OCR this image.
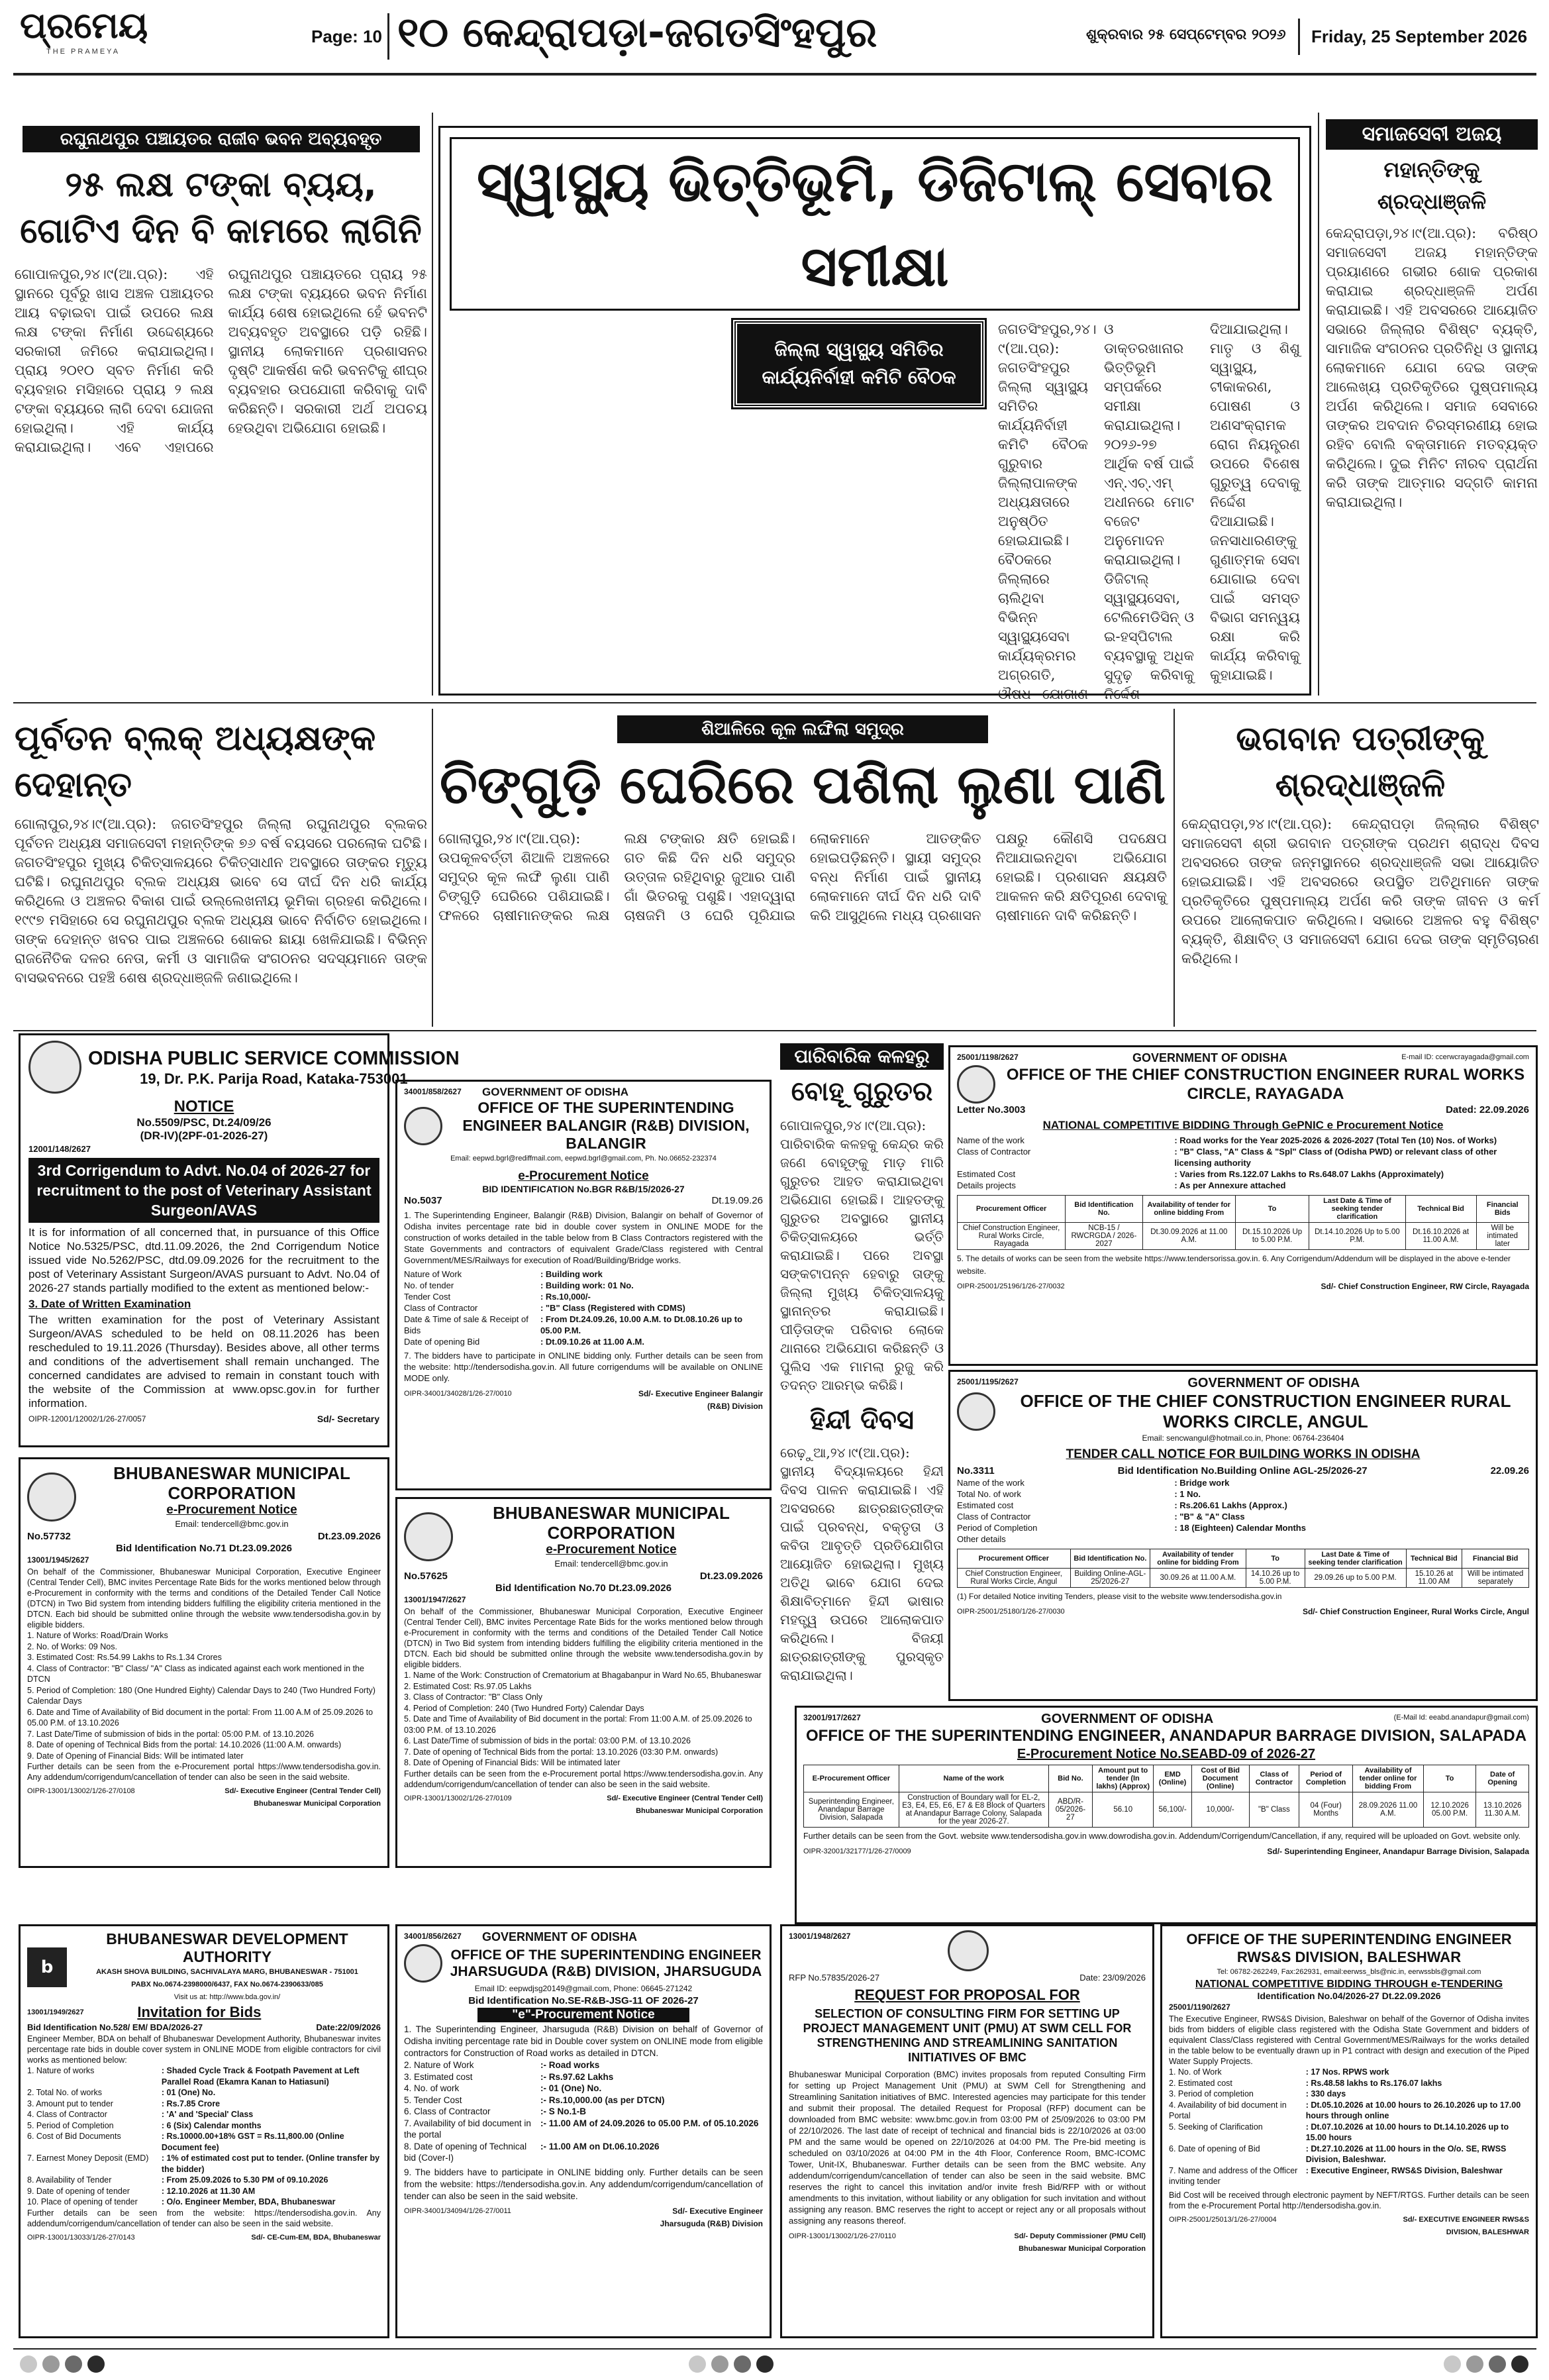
ପ୍ରମେୟ
THE PRAMEYA
Page: 10 ୧୦ କେନ୍ଦ୍ରାପଡ଼ା-ଜଗତସିଂହପୁର	ଶୁକ୍ରବାର ୨୫ ସେପ୍ଟେମ୍ବର ୨୦୨୬ Friday, 25 September 2026
ରଘୁନାଥପୁର ପଞ୍ଚାୟତର ରାଜୀବ ଭବନ ଅବ୍ୟବହୃତ
୨୫ ଲକ୍ଷ ଟଙ୍କା ବ୍ୟୟ, ଗୋଟିଏ ଦିନ ବି କାମରେ ଲାଗିନି
ଗୋପାଳପୁର,୨୪।୯(ଆ.ପ୍ର): ଏହି ସ୍ଥାନରେ ପୂର୍ବରୁ ଖାସ ଅଞ୍ଚଳ ପଞ୍ଚାୟତର ଆୟ ବଢ଼ାଇବା ପାଇଁ ଉପରେ ଲକ୍ଷ ଲକ୍ଷ ଟଙ୍କା ନିର୍ମାଣ ଉଦ୍ଦେଶ୍ୟରେ ସରକାରୀ ଜମିରେ କରାଯାଇଥିଲା। ପ୍ରାୟ ୨୦୧୦ ସ୍ବତ ନିର୍ମାଣ କରି ବ୍ୟବହାର ମସିହାରେ ପ୍ରାୟ ୨ ଲକ୍ଷ ଟଙ୍କା ବ୍ୟୟରେ ଲାଗି ଦେବା ଯୋଜନା ହୋଇଥିଲା। ଏହି କାର୍ଯ୍ୟ କରାଯାଇଥିଲା। ଏବେ ଏହାପରେ ରଘୁନାଥପୁର ପଞ୍ଚାୟତରେ ପ୍ରାୟ ୨୫ ଲକ୍ଷ ଟଙ୍କା ବ୍ୟୟରେ ଭବନ ନିର୍ମାଣ କାର୍ଯ୍ୟ ଶେଷ ହୋଇଥିଲେ ହେଁ ଭବନଟି ଅବ୍ୟବହୃତ ଅବସ୍ଥାରେ ପଡ଼ି ରହିଛି। ସ୍ଥାନୀୟ ଲୋକମାନେ ପ୍ରଶାସନର ଦୃଷ୍ଟି ଆକର୍ଷଣ କରି ଭବନଟିକୁ ଶୀଘ୍ର ବ୍ୟବହାର ଉପଯୋଗୀ କରିବାକୁ ଦାବି କରିଛନ୍ତି। ସରକାରୀ ଅର୍ଥ ଅପଚୟ ହେଉଥିବା ଅଭିଯୋଗ ହୋଇଛି।
ସ୍ୱାସ୍ଥ୍ୟ ଭିତ୍ତିଭୂମି, ଡିଜିଟାଲ୍ ସେବାର ସମୀକ୍ଷା
ଜିଲ୍ଲା ସ୍ୱାସ୍ଥ୍ୟ ସମିତିର କାର୍ଯ୍ୟନିର୍ବାହୀ କମିଟି ବୈଠକ
ଜଗତସିଂହପୁର,୨୪।୯(ଆ.ପ୍ର): ଜଗତସିଂହପୁର ଜିଲ୍ଲା ସ୍ୱାସ୍ଥ୍ୟ ସମିତିର କାର୍ଯ୍ୟନିର୍ବାହୀ କମିଟି ବୈଠକ ଗୁରୁବାର ଜିଲ୍ଲାପାଳଙ୍କ ଅଧ୍ୟକ୍ଷତାରେ ଅନୁଷ୍ଠିତ ହୋଇଯାଇଛି। ବୈଠକରେ ଜିଲ୍ଲାରେ ଚାଲିଥିବା ବିଭିନ୍ନ ସ୍ୱାସ୍ଥ୍ୟସେବା କାର୍ଯ୍ୟକ୍ରମର ଅଗ୍ରଗତି, ଔଷଧ ଯୋଗାଣ ଓ ଡାକ୍ତରଖାନାର ଭିତ୍ତିଭୂମି ସମ୍ପର୍କରେ ସମୀକ୍ଷା କରାଯାଇଥିଲା। ୨୦୨୬-୨୭ ଆର୍ଥିକ ବର୍ଷ ପାଇଁ ଏନ୍.ଏଚ୍.ଏମ୍ ଅଧୀନରେ ମୋଟ ବଜେଟ ଅନୁମୋଦନ କରାଯାଇଥିଲା। ଡିଜିଟାଲ୍ ସ୍ୱାସ୍ଥ୍ୟସେବା, ଟେଲିମେଡିସିନ୍ ଓ ଇ-ହସ୍ପିଟାଲ ବ୍ୟବସ୍ଥାକୁ ଅଧିକ ସୁଦୃଢ଼ କରିବାକୁ ନିର୍ଦ୍ଦେଶ ଦିଆଯାଇଥିଲା। ମାତୃ ଓ ଶିଶୁ ସ୍ୱାସ୍ଥ୍ୟ, ଟୀକାକରଣ, ପୋଷଣ ଓ ଅଣସଂକ୍ରାମକ ରୋଗ ନିୟନ୍ତ୍ରଣ ଉପରେ ବିଶେଷ ଗୁରୁତ୍ୱ ଦେବାକୁ ନିର୍ଦ୍ଦେଶ ଦିଆଯାଇଛି। ଜନସାଧାରଣଙ୍କୁ ଗୁଣାତ୍ମକ ସେବା ଯୋଗାଇ ଦେବା ପାଇଁ ସମସ୍ତ ବିଭାଗ ସମନ୍ୱୟ ରକ୍ଷା କରି କାର୍ଯ୍ୟ କରିବାକୁ କୁହାଯାଇଛି।
ସମାଜସେବୀ ଅଜୟ
ମହାନ୍ତିଙ୍କୁ ଶ୍ରଦ୍ଧାଞ୍ଜଳି
କେନ୍ଦ୍ରାପଡ଼ା,୨୪।୯(ଆ.ପ୍ର): ବରିଷ୍ଠ ସମାଜସେବୀ ଅଜୟ ମହାନ୍ତିଙ୍କ ପ୍ରୟାଣରେ ଗଭୀର ଶୋକ ପ୍ରକାଶ କରାଯାଇ ଶ୍ରଦ୍ଧାଞ୍ଜଳି ଅର୍ପଣ କରାଯାଇଛି। ଏହି ଅବସରରେ ଆୟୋଜିତ ସଭାରେ ଜିଲ୍ଲାର ବିଶିଷ୍ଟ ବ୍ୟକ୍ତି, ସାମାଜିକ ସଂଗଠନର ପ୍ରତିନିଧି ଓ ସ୍ଥାନୀୟ ଲୋକମାନେ ଯୋଗ ଦେଇ ତାଙ୍କ ଆଲେଖ୍ୟ ପ୍ରତିକୃତିରେ ପୁଷ୍ପମାଲ୍ୟ ଅର୍ପଣ କରିଥିଲେ। ସମାଜ ସେବାରେ ତାଙ୍କର ଅବଦାନ ଚିରସ୍ମରଣୀୟ ହୋଇ ରହିବ ବୋଲି ବକ୍ତାମାନେ ମତବ୍ୟକ୍ତ କରିଥିଲେ। ଦୁଇ ମିନିଟ ନୀରବ ପ୍ରାର୍ଥନା କରି ତାଙ୍କ ଆତ୍ମାର ସଦ୍ଗତି କାମନା କରାଯାଇଥିଲା।
ପୂର୍ବତନ ବ୍ଲକ୍ ଅଧ୍ୟକ୍ଷଙ୍କ ଦେହାନ୍ତ
ଗୋଲାପୁର,୨୪।୯(ଆ.ପ୍ର): ଜଗତସିଂହପୁର ଜିଲ୍ଲା ରଘୁନାଥପୁର ବ୍ଲକର ପୂର୍ବତନ ଅଧ୍ୟକ୍ଷ ସମାଜସେବୀ ମହାନ୍ତିଙ୍କ ୭୬ ବର୍ଷ ବୟସରେ ପରଲୋକ ଘଟିଛି। ଜଗତସିଂହପୁର ମୁଖ୍ୟ ଚିକିତ୍ସାଳୟରେ ଚିକିତ୍ସାଧୀନ ଅବସ୍ଥାରେ ତାଙ୍କର ମୃତ୍ୟୁ ଘଟିଛି। ରଘୁନାଥପୁର ବ୍ଲକ ଅଧ୍ୟକ୍ଷ ଭାବେ ସେ ଦୀର୍ଘ ଦିନ ଧରି କାର୍ଯ୍ୟ କରିଥିଲେ ଓ ଅଞ୍ଚଳର ବିକାଶ ପାଇଁ ଉଲ୍ଲେଖନୀୟ ଭୂମିକା ଗ୍ରହଣ କରିଥିଲେ। ୧୯୯୭ ମସିହାରେ ସେ ରଘୁନାଥପୁର ବ୍ଲକ ଅଧ୍ୟକ୍ଷ ଭାବେ ନିର୍ବାଚିତ ହୋଇଥିଲେ। ତାଙ୍କ ଦେହାନ୍ତ ଖବର ପାଇ ଅଞ୍ଚଳରେ ଶୋକର ଛାୟା ଖେଳିଯାଇଛି। ବିଭିନ୍ନ ରାଜନୈତିକ ଦଳର ନେତା, କର୍ମୀ ଓ ସାମାଜିକ ସଂଗଠନର ସଦସ୍ୟମାନେ ତାଙ୍କ ବାସଭବନରେ ପହଞ୍ଚି ଶେଷ ଶ୍ରଦ୍ଧାଞ୍ଜଳି ଜଣାଇଥିଲେ।
ଶିଆଳିରେ କୂଳ ଲଙ୍ଘିଲା ସମୁଦ୍ର
ଚିଙ୍ଗୁଡ଼ି ଘେରିରେ ପଶିଲା ଲୁଣା ପାଣି
ଗୋଲାପୁର,୨୪।୯(ଆ.ପ୍ର): ଉପକୂଳବର୍ତ୍ତୀ ଶିଆଳି ଅଞ୍ଚଳରେ ସମୁଦ୍ର କୂଳ ଲଙ୍ଘି ଲୁଣା ପାଣି ଚିଙ୍ଗୁଡ଼ି ଘେରିରେ ପଶିଯାଇଛି। ଫଳରେ ଚାଷୀମାନଙ୍କର ଲକ୍ଷ ଲକ୍ଷ ଟଙ୍କାର କ୍ଷତି ହୋଇଛି। ଗତ କିଛି ଦିନ ଧରି ସମୁଦ୍ର ଉତ୍ତାଳ ରହିଥିବାରୁ ଜୁଆର ପାଣି ଗାଁ ଭିତରକୁ ପଶୁଛି। ଏହାଦ୍ୱାରା ଚାଷଜମି ଓ ଘେରି ପୂରିଯାଇ ଲୋକମାନେ ଆତଙ୍କିତ ହୋଇପଡ଼ିଛନ୍ତି। ସ୍ଥାୟୀ ସମୁଦ୍ର ବନ୍ଧ ନିର୍ମାଣ ପାଇଁ ସ୍ଥାନୀୟ ଲୋକମାନେ ଦୀର୍ଘ ଦିନ ଧରି ଦାବି କରି ଆସୁଥିଲେ ମଧ୍ୟ ପ୍ରଶାସନ ପକ୍ଷରୁ କୌଣସି ପଦକ୍ଷେପ ନିଆଯାଇନଥିବା ଅଭିଯୋଗ ହୋଇଛି। ପ୍ରଶାସନ କ୍ଷୟକ୍ଷତି ଆକଳନ କରି କ୍ଷତିପୂରଣ ଦେବାକୁ ଚାଷୀମାନେ ଦାବି କରିଛନ୍ତି।
ଭଗବାନ ପତ୍ରୀଙ୍କୁ ଶ୍ରଦ୍ଧାଞ୍ଜଳି
କେନ୍ଦ୍ରାପଡ଼ା,୨୪।୯(ଆ.ପ୍ର): କେନ୍ଦ୍ରାପଡ଼ା ଜିଲ୍ଲାର ବିଶିଷ୍ଟ ସମାଜସେବୀ ଶ୍ରୀ ଭଗବାନ ପତ୍ରୀଙ୍କ ପ୍ରଥମ ଶ୍ରାଦ୍ଧ ଦିବସ ଅବସରରେ ତାଙ୍କ ଜନ୍ମସ୍ଥାନରେ ଶ୍ରଦ୍ଧାଞ୍ଜଳି ସଭା ଆୟୋଜିତ ହୋଇଯାଇଛି। ଏହି ଅବସରରେ ଉପସ୍ଥିତ ଅତିଥିମାନେ ତାଙ୍କ ପ୍ରତିକୃତିରେ ପୁଷ୍ପମାଲ୍ୟ ଅର୍ପଣ କରି ତାଙ୍କ ଜୀବନ ଓ କର୍ମ ଉପରେ ଆଲୋକପାତ କରିଥିଲେ। ସଭାରେ ଅଞ୍ଚଳର ବହୁ ବିଶିଷ୍ଟ ବ୍ୟକ୍ତି, ଶିକ୍ଷାବିତ୍ ଓ ସମାଜସେବୀ ଯୋଗ ଦେଇ ତାଙ୍କ ସ୍ମୃତିଚାରଣ କରିଥିଲେ।
ପାରିବାରିକ କଳହରୁ
ବୋହୂ ଗୁରୁତର
ଗୋପାଳପୁର,୨୪।୯(ଆ.ପ୍ର): ପାରିବାରିକ କଳହକୁ କେନ୍ଦ୍ର କରି ଜଣେ ବୋହୂଙ୍କୁ ମାଡ଼ ମାରି ଗୁରୁତର ଆହତ କରାଯାଇଥିବା ଅଭିଯୋଗ ହୋଇଛି। ଆହତଙ୍କୁ ଗୁରୁତର ଅବସ୍ଥାରେ ସ୍ଥାନୀୟ ଚିକିତ୍ସାଳୟରେ ଭର୍ତ୍ତି କରାଯାଇଛି। ପରେ ଅବସ୍ଥା ସଙ୍କଟାପନ୍ନ ହେବାରୁ ତାଙ୍କୁ ଜିଲ୍ଲା ମୁଖ୍ୟ ଚିକିତ୍ସାଳୟକୁ ସ୍ଥାନାନ୍ତର କରାଯାଇଛି। ପୀଡ଼ିତାଙ୍କ ପରିବାର ଲୋକେ ଥାନାରେ ଅଭିଯୋଗ କରିଛନ୍ତି ଓ ପୁଲିସ ଏକ ମାମଲା ରୁଜୁ କରି ତଦନ୍ତ ଆରମ୍ଭ କରିଛି।
ହିନ୍ଦୀ ଦିବସ
ରେଢ଼ୁଆ,୨୪।୯(ଆ.ପ୍ର): ସ୍ଥାନୀୟ ବିଦ୍ୟାଳୟରେ ହିନ୍ଦୀ ଦିବସ ପାଳନ କରାଯାଇଛି। ଏହି ଅବସରରେ ଛାତ୍ରଛାତ୍ରୀଙ୍କ ପାଇଁ ପ୍ରବନ୍ଧ, ବକ୍ତୃତା ଓ କବିତା ଆବୃତ୍ତି ପ୍ରତିଯୋଗିତା ଆୟୋଜିତ ହୋଇଥିଲା। ମୁଖ୍ୟ ଅତିଥି ଭାବେ ଯୋଗ ଦେଇ ଶିକ୍ଷାବିତ୍ମାନେ ହିନ୍ଦୀ ଭାଷାର ମହତ୍ତ୍ୱ ଉପରେ ଆଲୋକପାତ କରିଥିଲେ। ବିଜୟୀ ଛାତ୍ରଛାତ୍ରୀଙ୍କୁ ପୁରସ୍କୃତ କରାଯାଇଥିଲା।
ODISHA PUBLIC SERVICE COMMISSION
19, Dr. P.K. Parija Road, Kataka-753001
NOTICE
No.5509/PSC, Dt.24/09/26
(DR-IV)(2PF-01-2026-27)
12001/148/2627
3rd Corrigendum to Advt. No.04 of 2026-27 for recruitment to the post of Veterinary Assistant Surgeon/AVAS
It is for information of all concerned that, in pursuance of this Office Notice No.5325/PSC, dtd.11.09.2026, the 2nd Corrigendum Notice issued vide No.5262/PSC, dtd.09.09.2026 for the recruitment to the post of Veterinary Assistant Surgeon/AVAS pursuant to Advt. No.04 of 2026-27 stands partially modified to the extent as mentioned below:-
3. Date of Written Examination
The written examination for the post of Veterinary Assistant Surgeon/AVAS scheduled to be held on 08.11.2026 has been rescheduled to 19.11.2026 (Thursday). Besides above, all other terms and conditions of the advertisement shall remain unchanged. The concerned candidates are advised to remain in constant touch with the website of the Commission at www.opsc.gov.in for further information.
OIPR-12001/12002/1/26-27/0057	Sd/- Secretary
34001/858/2627	GOVERNMENT OF ODISHA
OFFICE OF THE SUPERINTENDING ENGINEER BALANGIR (R&B) DIVISION, BALANGIR
Email: eepwd.bgrl@rediffmail.com, eepwd.bgrl@gmail.com, Ph. No.06652-232374
e-Procurement Notice
BID IDENTIFICATION No.BGR R&B/15/2026-27
No.5037	Dt.19.09.26
1. The Superintending Engineer, Balangir (R&B) Division, Balangir on behalf of Governor of Odisha invites percentage rate bid in double cover system in ONLINE MODE for the construction of works detailed in the table below from B Class Contractors registered with the State Governments and contractors of equivalent Grade/Class registered with Central Government/MES/Railways for execution of Road/Building/Bridge works.
Nature of Work	: Building work
No. of tender	: Building work: 01 No.
Tender Cost	: Rs.10,000/-
Class of Contractor	: "B" Class (Registered with CDMS)
Date & Time of sale & Receipt of Bids
: From Dt.24.09.26, 10.00 A.M. to Dt.08.10.26 up to 05.00 P.M.
Date of opening Bid	: Dt.09.10.26 at 11.00 A.M.
7. The bidders have to participate in ONLINE bidding only. Further details can be seen from the website: http://tendersodisha.gov.in. All future corrigendums will be available on ONLINE MODE only.
OIPR-34001/34028/1/26-27/0010	Sd/- Executive Engineer Balangir (R&B) Division
25001/1198/2627	GOVERNMENT OF ODISHA	E-mail ID: ccerwcrayagada@gmail.com
OFFICE OF THE CHIEF CONSTRUCTION ENGINEER RURAL WORKS CIRCLE, RAYAGADA
Letter No.3003	Dated: 22.09.2026
NATIONAL COMPETITIVE BIDDING Through GePNIC e Procurement Notice
Name of the work	: Road works for the Year 2025-2026 & 2026-2027 (Total Ten (10) Nos. of Works)
Class of Contractor	: "B" Class, "A" Class & "Spl" Class of (Odisha PWD) or relevant class of other licensing authority
Estimated Cost	: Varies from Rs.122.07 Lakhs to Rs.648.07 Lakhs (Approximately)
Details projects	: As per Annexure attached
Procurement Officer	Bid Identification No.	Availability of tender for online bidding From	To	Last Date & Time of seeking tender clarification	Technical Bid	Financial Bids
Chief Construction Engineer, Rural Works Circle, Rayagada	NCB-15 / RWCRGDA / 2026-2027	Dt.30.09.2026 at 11.00 A.M.	Dt.15.10.2026 Up to 5.00 P.M.	Dt.14.10.2026 Up to 5.00 P.M.	Dt.16.10.2026 at 11.00 A.M.	Will be intimated later
5. The details of works can be seen from the website https://www.tendersorissa.gov.in. 6. Any Corrigendum/Addendum will be displayed in the above e-tender website.
OIPR-25001/25196/1/26-27/0032	Sd/- Chief Construction Engineer, RW Circle, Rayagada
25001/1195/2627	GOVERNMENT OF ODISHA
OFFICE OF THE CHIEF CONSTRUCTION ENGINEER RURAL WORKS CIRCLE, ANGUL
Email: sencwangul@hotmail.co.in, Phone: 06764-236404
TENDER CALL NOTICE FOR BUILDING WORKS IN ODISHA
No.3311	Bid Identification No.Building Online AGL-25/2026-27	22.09.26
Name of the work	: Bridge work
Total No. of work	: 1 No.
Estimated cost	: Rs.206.61 Lakhs (Approx.)
Class of Contractor	: "B" & "A" Class
Period of Completion	: 18 (Eighteen) Calendar Months
Other details
Procurement Officer	Bid Identification No.	Availability of tender online for bidding From	To	Last Date & Time of seeking tender clarification	Technical Bid	Financial Bid
Chief Construction Engineer, Rural Works Circle, Angul	Building Online-AGL-25/2026-27	30.09.26 at 11.00 A.M.	14.10.26 up to 5.00 P.M.	29.09.26 up to 5.00 P.M.	15.10.26 at 11.00 AM	Will be intimated separately
(1) For detailed Notice inviting Tenders, please visit to the website www.tendersodisha.gov.in
OIPR-25001/25180/1/26-27/0030	Sd/- Chief Construction Engineer, Rural Works Circle, Angul
BHUBANESWAR MUNICIPAL CORPORATION
e-Procurement Notice
Email: tendercell@bmc.gov.in
No.57732	Dt.23.09.2026
Bid Identification No.71 Dt.23.09.2026
13001/1945/2627
On behalf of the Commissioner, Bhubaneswar Municipal Corporation, Executive Engineer (Central Tender Cell), BMC invites Percentage Rate Bids for the works mentioned below through e-Procurement in conformity with the terms and conditions of the Detailed Tender Call Notice (DTCN) in Two Bid system from intending bidders fulfilling the eligibility criteria mentioned in the DTCN. Each bid should be submitted online through the website www.tendersodisha.gov.in by eligible bidders.
1. Nature of Works: Road/Drain Works
2. No. of Works: 09 Nos.
3. Estimated Cost: Rs.54.99 Lakhs to Rs.1.34 Crores
4. Class of Contractor: "B" Class/ "A" Class as indicated against each work mentioned in the DTCN
5. Period of Completion: 180 (One Hundred Eighty) Calendar Days to 240 (Two Hundred Forty) Calendar Days
6. Date and Time of Availability of Bid document in the portal: From 11.00 A.M of 25.09.2026 to 05.00 P.M. of 13.10.2026
7. Last Date/Time of submission of bids in the portal: 05:00 P.M. of 13.10.2026
8. Date of opening of Technical Bids from the portal: 14.10.2026 (11:00 A.M. onwards)
9. Date of Opening of Financial Bids: Will be intimated later
Further details can be seen from the e-Procurement portal https://www.tendersodisha.gov.in. Any addendum/corrigendum/cancellation of tender can also be seen in the said website.
OIPR-13001/13002/1/26-27/0108	Sd/- Executive Engineer (Central Tender Cell) Bhubaneswar Municipal Corporation
BHUBANESWAR MUNICIPAL CORPORATION
e-Procurement Notice
Email: tendercell@bmc.gov.in
No.57625	Dt.23.09.2026
Bid Identification No.70 Dt.23.09.2026
13001/1947/2627
On behalf of the Commissioner, Bhubaneswar Municipal Corporation, Executive Engineer (Central Tender Cell), BMC invites Percentage Rate Bids for the works mentioned below through e-Procurement in conformity with the terms and conditions of the Detailed Tender Call Notice (DTCN) in Two Bid system from intending bidders fulfilling the eligibility criteria mentioned in the DTCN. Each bid should be submitted online through the website www.tendersodisha.gov.in by eligible bidders.
1. Name of the Work: Construction of Crematorium at Bhagabanpur in Ward No.65, Bhubaneswar
2. Estimated Cost: Rs.97.05 Lakhs
3. Class of Contractor: "B" Class Only
4. Period of Completion: 240 (Two Hundred Forty) Calendar Days
5. Date and Time of Availability of Bid document in the portal: From 11:00 A.M. of 25.09.2026 to 03:00 P.M. of 13.10.2026
6. Last Date/Time of submission of bids in the portal: 03:00 P.M. of 13.10.2026
7. Date of opening of Technical Bids from the portal: 13.10.2026 (03:30 P.M. onwards)
8. Date of Opening of Financial Bids: Will be intimated later
Further details can be seen from the e-Procurement portal https://www.tendersodisha.gov.in. Any addendum/corrigendum/cancellation of tender can also be seen in the said website.
OIPR-13001/13002/1/26-27/0109	Sd/- Executive Engineer (Central Tender Cell) Bhubaneswar Municipal Corporation
32001/917/2627	GOVERNMENT OF ODISHA	(E-Mail Id: eeabd.anandapur@gmail.com)
OFFICE OF THE SUPERINTENDING ENGINEER, ANANDAPUR BARRAGE DIVISION, SALAPADA
E-Procurement Notice No.SEABD-09 of 2026-27
E-Procurement Officer	Name of the work	Bid No.	Amount put to tender (In lakhs) (Approx)	EMD (Online)	Cost of Bid Document (Online)	Class of Contractor	Period of Completion	Availability of tender online for bidding From	To	Date of Opening
Superintending Engineer, Anandapur Barrage Division, Salapada	Construction of Boundary wall for EL-2, E3, E4, E5, E6, E7 & E8 Block of Quarters at Anandapur Barrage Colony, Salapada for the year 2026-27.	ABD/R-05/2026-27	56.10	56,100/-	10,000/-	"B" Class	04 (Four) Months	28.09.2026 11.00 A.M.	12.10.2026 05.00 P.M.	13.10.2026 11.30 A.M.
Further details can be seen from the Govt. website www.tendersodisha.gov.in www.dowrodisha.gov.in. Addendum/Corrigendum/Cancellation, if any, required will be uploaded on Govt. website only.
OIPR-32001/32177/1/26-27/0009	Sd/- Superintending Engineer, Anandapur Barrage Division, Salapada
b
BHUBANESWAR DEVELOPMENT AUTHORITY
AKASH SHOVA BUILDING, SACHIVALAYA MARG, BHUBANESWAR - 751001
PABX No.0674-2398000/6437, FAX No.0674-2390633/085
Visit us at: http://www.bda.gov.in/
13001/1949/2627	Invitation for Bids
Bid Identification No.528/ EM/ BDA/2026-27	Date:22/09/2026
Engineer Member, BDA on behalf of Bhubaneswar Development Authority, Bhubaneswar invites percentage rate bids in double cover system in ONLINE MODE from eligible contractors for civil works as mentioned below:
1. Nature of works	: Shaded Cycle Track & Footpath Pavement at Left Parallel Road (Ekamra Kanan to Hatiasuni)
2. Total No. of works	: 01 (One) No.
3. Amount put to tender	: Rs.7.85 Crore
4. Class of Contractor	: 'A' and 'Special' Class
5. Period of Completion	: 6 (Six) Calendar months
6. Cost of Bid Documents	: Rs.10000.00+18% GST = Rs.11,800.00 (Online Document fee)
7. Earnest Money Deposit (EMD)	: 1% of estimated cost put to tender. (Online transfer by the bidder)
8. Availability of Tender	: From 25.09.2026 to 5.30 PM of 09.10.2026
9. Date of opening of tender	: 12.10.2026 at 11.30 AM
10. Place of opening of tender	: O/o. Engineer Member, BDA, Bhubaneswar
Further details can be seen from the website: https://tendersodisha.gov.in. Any addendum/corrigendum/cancellation of tender can also be seen in the said website.
OIPR-13001/13033/1/26-27/0143	Sd/- CE-Cum-EM, BDA, Bhubaneswar
34001/856/2627	GOVERNMENT OF ODISHA
OFFICE OF THE SUPERINTENDING ENGINEER JHARSUGUDA (R&B) DIVISION, JHARSUGUDA
Email ID: eepwdjsg20149@gmail.com, Phone: 06645-271242
Bid Identification No.SE-R&B-JSG-11 OF 2026-27
"e"-Procurement Notice
1. The Superintending Engineer, Jharsuguda (R&B) Division on behalf of Governor of Odisha inviting percentage rate bid in Double cover system on ONLINE mode from eligible contractors for Construction of Road works as detailed in DTCN.
2. Nature of Work	:- Road works
3. Estimated cost	:- Rs.97.62 Lakhs
4. No. of work	:- 01 (One) No.
5. Tender Cost	:- Rs.10,000.00 (as per DTCN)
6. Class of Contractor	:- S No.1-B
7. Availability of bid document in the portal
:- 11.00 AM of 24.09.2026 to 05.00 P.M. of 05.10.2026
8. Date of opening of Technical bid (Cover-I)
:- 11.00 AM on Dt.06.10.2026
9. The bidders have to participate in ONLINE bidding only. Further details can be seen from the website: https://tendersodisha.gov.in. Any addendum/corrigendum/cancellation of tender can also be seen in the said website.
OIPR-34001/34094/1/26-27/0011	Sd/- Executive Engineer Jharsuguda (R&B) Division
13001/1948/2627
RFP No.57835/2026-27	Date: 23/09/2026
REQUEST FOR PROPOSAL FOR
SELECTION OF CONSULTING FIRM FOR SETTING UP PROJECT MANAGEMENT UNIT (PMU) AT SWM CELL FOR STRENGTHENING AND STREAMLINING SANITATION INITIATIVES OF BMC
Bhubaneswar Municipal Corporation (BMC) invites proposals from reputed Consulting Firm for setting up Project Management Unit (PMU) at SWM Cell for Strengthening and Streamlining Sanitation initiatives of BMC. Interested agencies may participate for this tender and submit their proposal. The detailed Request for Proposal (RFP) document can be downloaded from BMC website: www.bmc.gov.in from 03:00 PM of 25/09/2026 to 03:00 PM of 22/10/2026. The last date of receipt of technical and financial bids is 22/10/2026 at 03:00 PM and the same would be opened on 22/10/2026 at 04:00 PM. The Pre-bid meeting is scheduled on 03/10/2026 at 04:00 PM in the 4th Floor, Conference Room, BMC-ICOMC Tower, Unit-IX, Bhubaneswar. Further details can be seen from the BMC website. Any addendum/corrigendum/cancellation of tender can also be seen in the said website. BMC reserves the right to cancel this invitation and/or invite fresh Bid/RFP with or without amendments to this invitation, without liability or any obligation for such invitation and without assigning any reason. BMC reserves the right to accept or reject any or all proposals without assigning any reasons thereof.
OIPR-13001/13002/1/26-27/0110	Sd/- Deputy Commissioner (PMU Cell) Bhubaneswar Municipal Corporation
OFFICE OF THE SUPERINTENDING ENGINEER RWS&S DIVISION, BALESHWAR
Tel: 06782-262249, Fax:262931, email:eerwss_bls@nic.in, eerwssbls@gmail.com
NATIONAL COMPETITIVE BIDDING THROUGH e-TENDERING
Identification No.04/2026-27 Dt.22.09.2026
25001/1190/2627
The Executive Engineer, RWS&S Division, Baleshwar on behalf of the Governor of Odisha invites bids from bidders of eligible class registered with the Odisha State Government and bidders of equivalent Class/Class registered with Central Government/MES/Railways for the works detailed in the table below to be eventually drawn up in P1 contract with design and execution of the Piped Water Supply Projects.
1. No. of Work	: 17 Nos. RPWS work
2. Estimated cost	: Rs.48.58 lakhs to Rs.176.07 lakhs
3. Period of completion	: 330 days
4. Availability of bid document in Portal
: Dt.05.10.2026 at 10.00 hours to 26.10.2026 up to 17.00 hours through online
5. Seeking of Clarification	: Dt.07.10.2026 at 10.00 hours to Dt.14.10.2026 up to 15.00 hours
6. Date of opening of Bid	: Dt.27.10.2026 at 11.00 hours in the O/o. SE, RWSS Division, Baleshwar.
7. Name and address of the Officer inviting tender
: Executive Engineer, RWS&S Division, Baleshwar
Bid Cost will be received through electronic payment by NEFT/RTGS. Further details can be seen from the e-Procurement Portal http://tendersodisha.gov.in.
OIPR-25001/25013/1/26-27/0004	Sd/- EXECUTIVE ENGINEER RWS&S DIVISION, BALESHWAR
